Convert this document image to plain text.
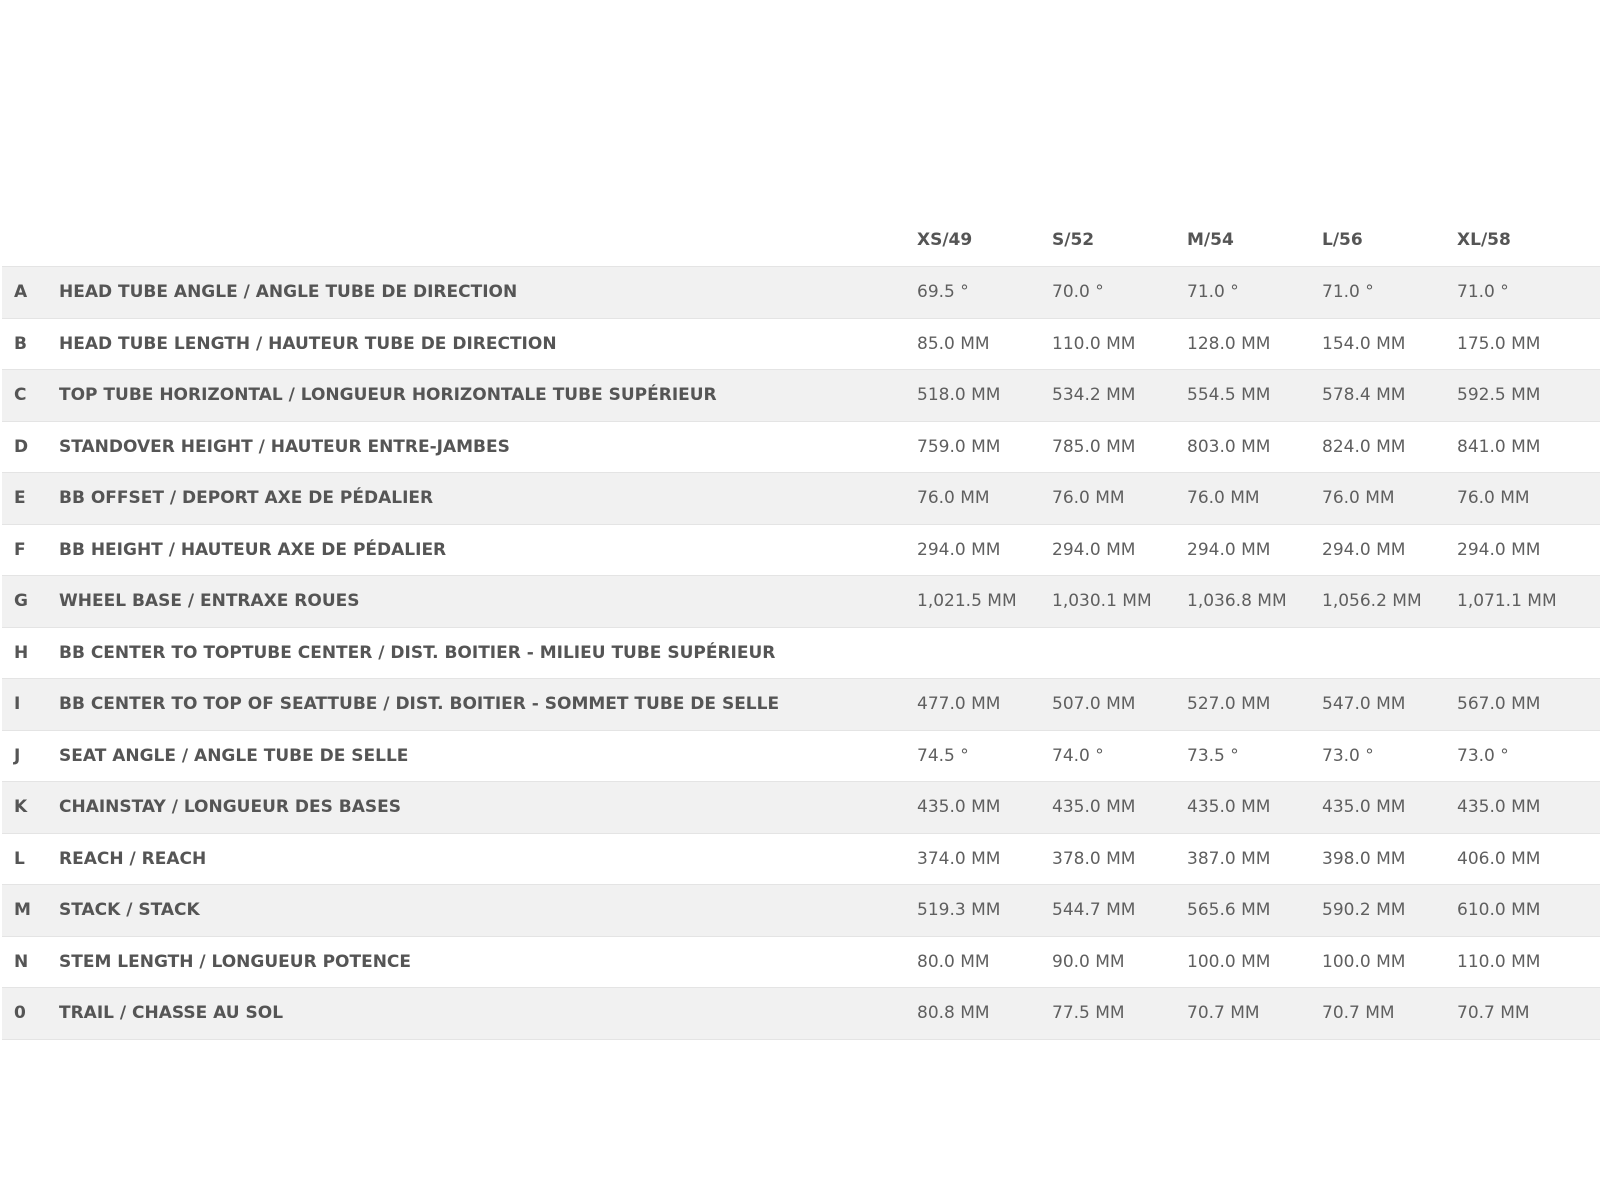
XS/49	S/52	M/54	L/56	XL/58
A	HEAD TUBE ANGLE / ANGLE TUBE DE DIRECTION	69.5 °	70.0 °	71.0 °	71.0 °	71.0 °
B	HEAD TUBE LENGTH / HAUTEUR TUBE DE DIRECTION	85.0 MM	110.0 MM	128.0 MM	154.0 MM	175.0 MM
C	TOP TUBE HORIZONTAL / LONGUEUR HORIZONTALE TUBE SUPÉRIEUR	518.0 MM	534.2 MM	554.5 MM	578.4 MM	592.5 MM
D	STANDOVER HEIGHT / HAUTEUR ENTRE-JAMBES	759.0 MM	785.0 MM	803.0 MM	824.0 MM	841.0 MM
E	BB OFFSET / DEPORT AXE DE PÉDALIER	76.0 MM	76.0 MM	76.0 MM	76.0 MM	76.0 MM
F	BB HEIGHT / HAUTEUR AXE DE PÉDALIER	294.0 MM	294.0 MM	294.0 MM	294.0 MM	294.0 MM
G	WHEEL BASE / ENTRAXE ROUES	1,021.5 MM 1,030.1 MM 1,036.8 MM 1,056.2 MM 1,071.1 MM
H	BB CENTER TO TOPTUBE CENTER / DIST. BOITIER - MILIEU TUBE SUPÉRIEUR
I	BB CENTER TO TOP OF SEATTUBE / DIST. BOITIER - SOMMET TUBE DE SELLE	477.0 MM	507.0 MM	527.0 MM	547.0 MM	567.0 MM
J	SEAT ANGLE / ANGLE TUBE DE SELLE	74.5 °	74.0 °	73.5 °	73.0 °	73.0 °
K	CHAINSTAY / LONGUEUR DES BASES	435.0 MM	435.0 MM	435.0 MM	435.0 MM	435.0 MM
L	REACH / REACH	374.0 MM	378.0 MM	387.0 MM	398.0 MM	406.0 MM
M	STACK / STACK	519.3 MM	544.7 MM	565.6 MM	590.2 MM	610.0 MM
N	STEM LENGTH / LONGUEUR POTENCE	80.0 MM	90.0 MM	100.0 MM	100.0 MM	110.0 MM
0	TRAIL / CHASSE AU SOL	80.8 MM	77.5 MM	70.7 MM	70.7 MM	70.7 MM
